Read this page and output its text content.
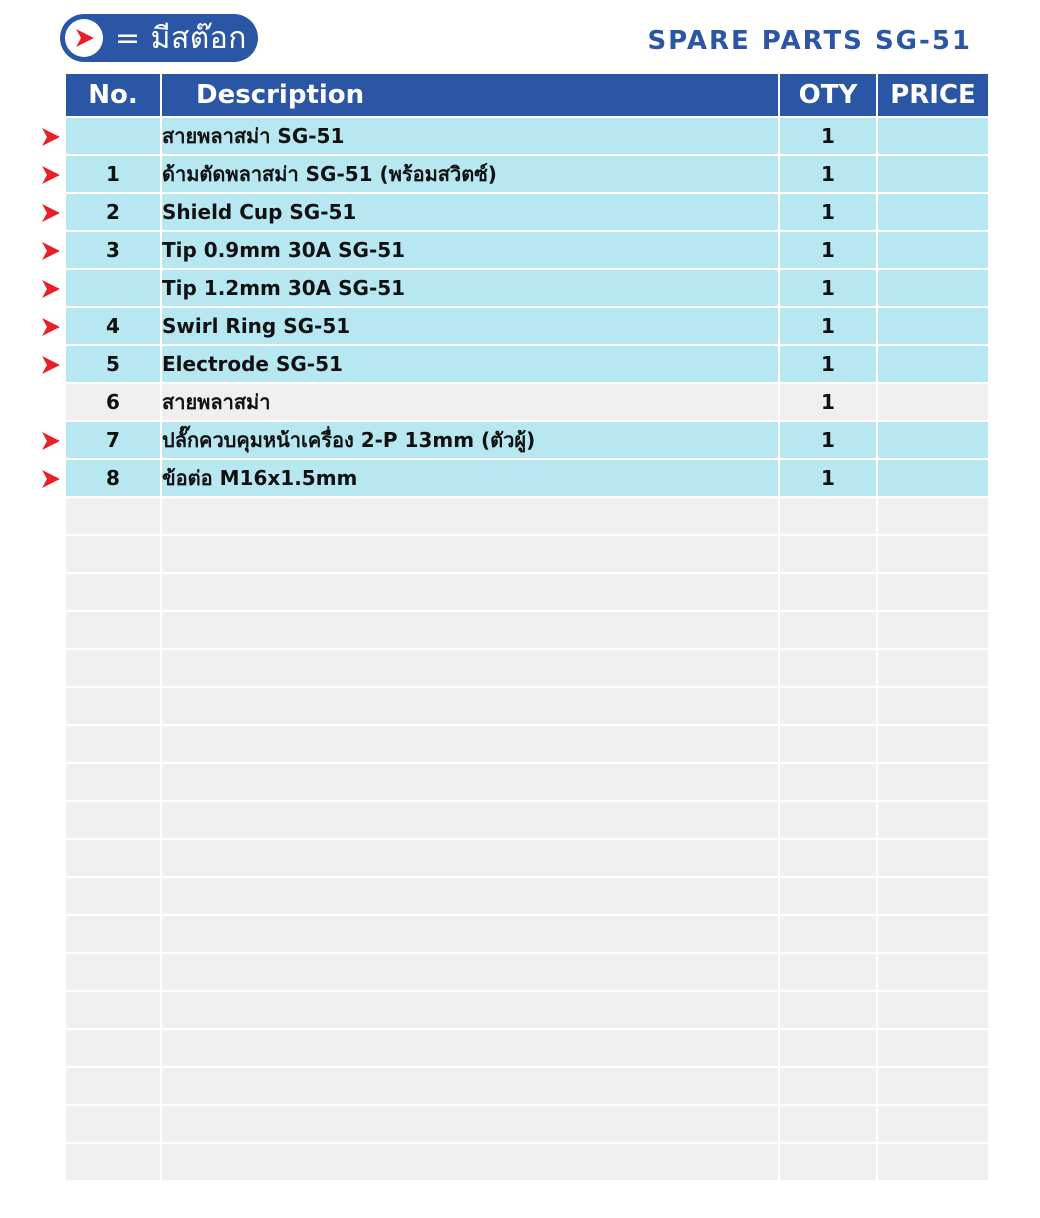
= มีสต๊อก	SPARE PARTS SG-51
No.	Description	OTY	PRICE
	สายพลาสม่า SG-51	1	
1	ด้ามตัดพลาสม่า SG-51 (พร้อมสวิตซ์)	1	
2	Shield Cup SG-51	1	
3	Tip 0.9mm 30A SG-51	1	
	Tip 1.2mm 30A SG-51	1	
4	Swirl Ring SG-51	1	
5	Electrode SG-51	1	
6	สายพลาสม่า	1	
7	ปลั๊กควบคุมหน้าเครื่อง 2-P 13mm (ตัวผู้)	1	
8	ข้อต่อ M16x1.5mm	1	
